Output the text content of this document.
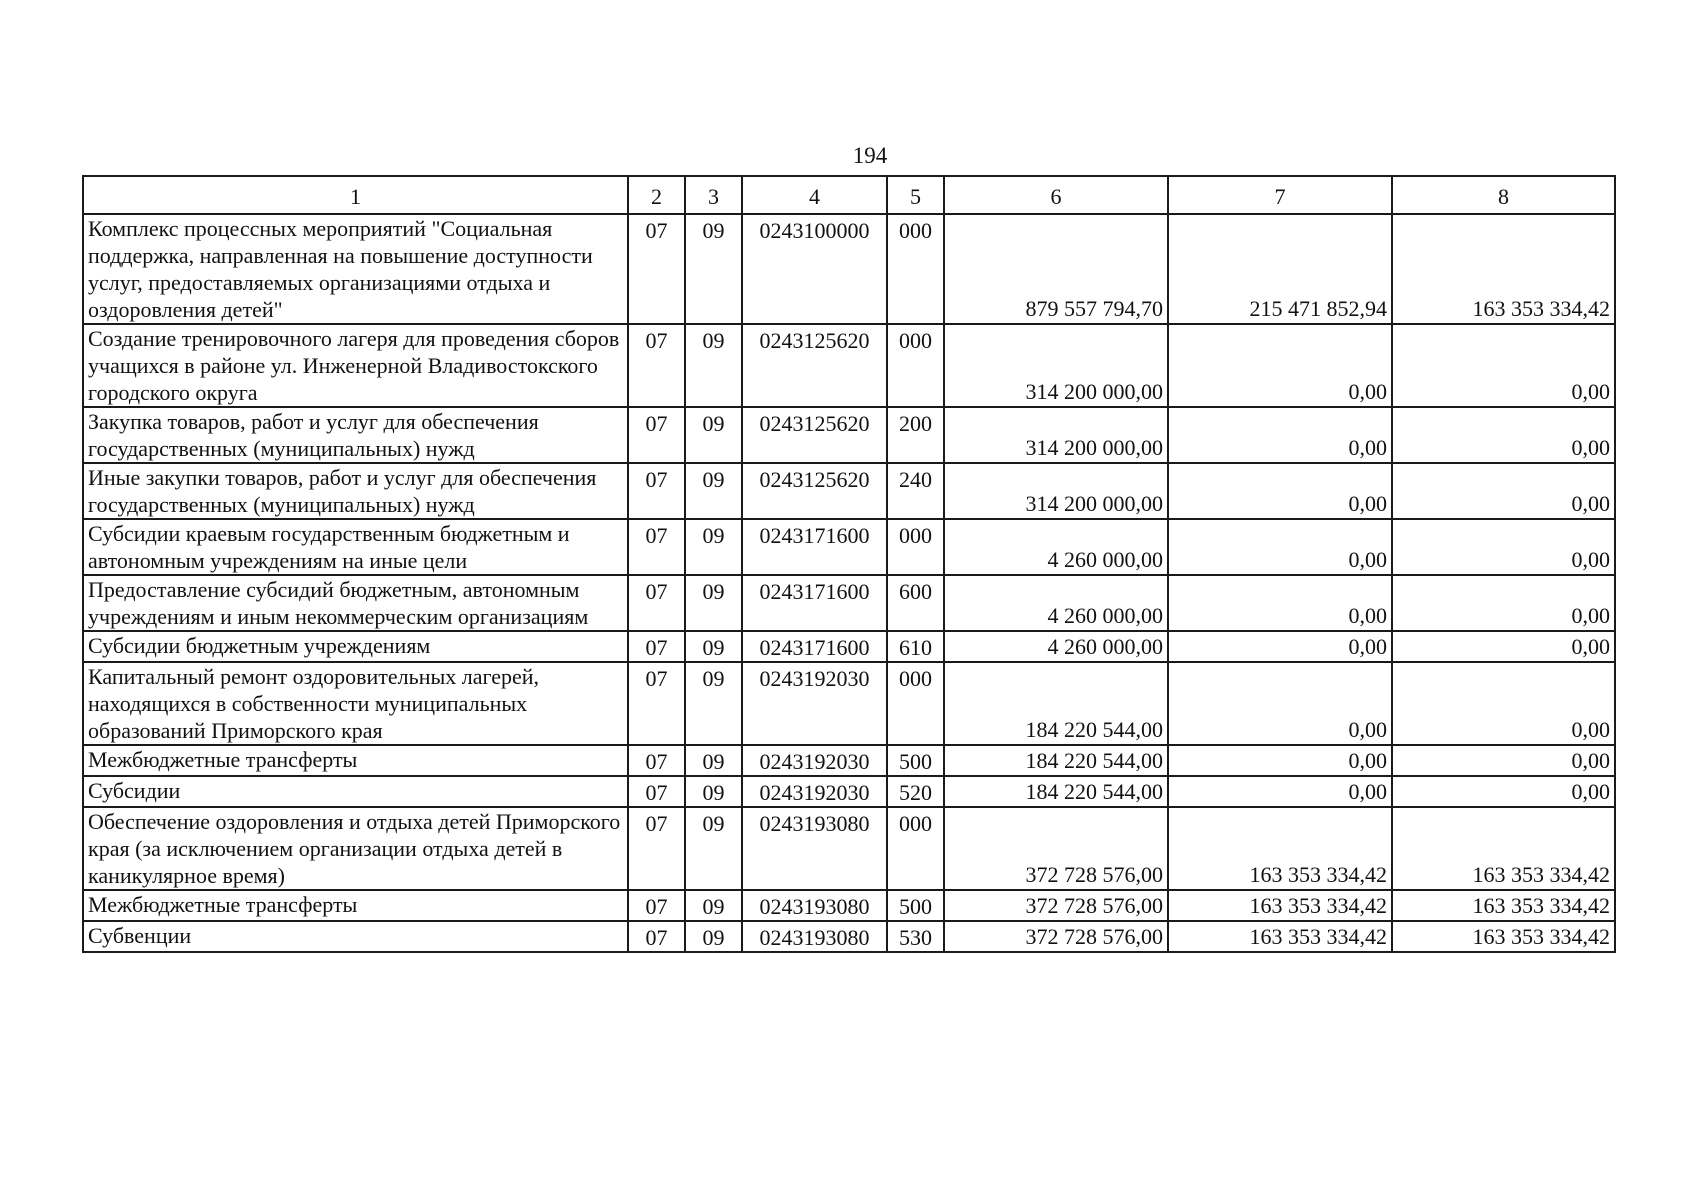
194
1	2	3	4	5	6	7	8
Комплекс процессных мероприятий "Социальная поддержка, направленная на повышение доступности услуг, предоставляемых организациями отдыха и оздоровления детей"	07	09	0243100000	000	879 557 794,70	215 471 852,94	163 353 334,42
Создание тренировочного лагеря для проведения сборов учащихся в районе ул. Инженерной Владивостокского городского округа	07	09	0243125620	000	314 200 000,00	0,00	0,00
Закупка товаров, работ и услуг для обеспечения государственных (муниципальных) нужд	07	09	0243125620	200	314 200 000,00	0,00	0,00
Иные закупки товаров, работ и услуг для обеспечения государственных (муниципальных) нужд	07	09	0243125620	240	314 200 000,00	0,00	0,00
Субсидии краевым государственным бюджетным и автономным учреждениям на иные цели	07	09	0243171600	000	4 260 000,00	0,00	0,00
Предоставление субсидий бюджетным, автономным учреждениям и иным некоммерческим организациям	07	09	0243171600	600	4 260 000,00	0,00	0,00
Субсидии бюджетным учреждениям	07	09	0243171600	610	4 260 000,00	0,00	0,00
Капитальный ремонт оздоровительных лагерей, находящихся в собственности муниципальных образований Приморского края	07	09	0243192030	000	184 220 544,00	0,00	0,00
Межбюджетные трансферты	07	09	0243192030	500	184 220 544,00	0,00	0,00
Субсидии	07	09	0243192030	520	184 220 544,00	0,00	0,00
Обеспечение оздоровления и отдыха детей Приморского края (за исключением организации отдыха детей в каникулярное время)	07	09	0243193080	000	372 728 576,00	163 353 334,42	163 353 334,42
Межбюджетные трансферты	07	09	0243193080	500	372 728 576,00	163 353 334,42	163 353 334,42
Субвенции	07	09	0243193080	530	372 728 576,00	163 353 334,42	163 353 334,42
